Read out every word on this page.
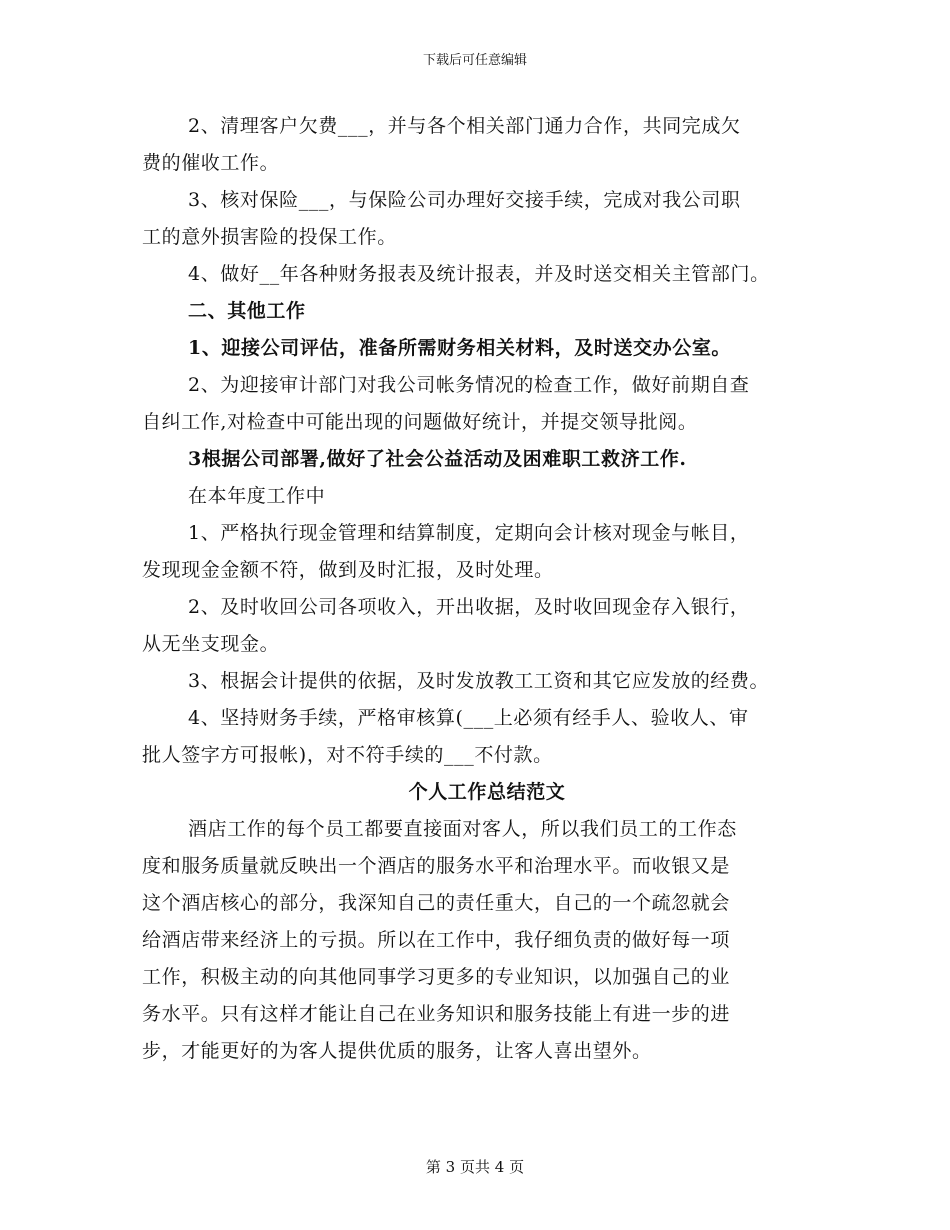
下载后可任意编辑
2、清理客户欠费___，并与各个相关部门通力合作，共同完成欠
费的催收工作。
3、核对保险___，与保险公司办理好交接手续，完成对我公司职
工的意外损害险的投保工作。
4、做好__年各种财务报表及统计报表，并及时送交相关主管部门。
二、其他工作
1、迎接公司评估，准备所需财务相关材料，及时送交办公室。
2、为迎接审计部门对我公司帐务情况的检查工作，做好前期自查
自纠工作,对检查中可能出现的问题做好统计，并提交领导批阅。
3根据公司部署,做好了社会公益活动及困难职工救济工作.
在本年度工作中
1、严格执行现金管理和结算制度，定期向会计核对现金与帐目，
发现现金金额不符，做到及时汇报，及时处理。
2、及时收回公司各项收入，开出收据，及时收回现金存入银行，
从无坐支现金。
3、根据会计提供的依据，及时发放教工工资和其它应发放的经费。
4、坚持财务手续，严格审核算(___上必须有经手人、验收人、审
批人签字方可报帐)，对不符手续的___不付款。
个人工作总结范文
酒店工作的每个员工都要直接面对客人，所以我们员工的工作态
度和服务质量就反映出一个酒店的服务水平和治理水平。而收银又是
这个酒店核心的部分，我深知自己的责任重大，自己的一个疏忽就会
给酒店带来经济上的亏损。所以在工作中，我仔细负责的做好每一项
工作，积极主动的向其他同事学习更多的专业知识，以加强自己的业
务水平。只有这样才能让自己在业务知识和服务技能上有进一步的进
步，才能更好的为客人提供优质的服务，让客人喜出望外。
第 3 页共 4 页
